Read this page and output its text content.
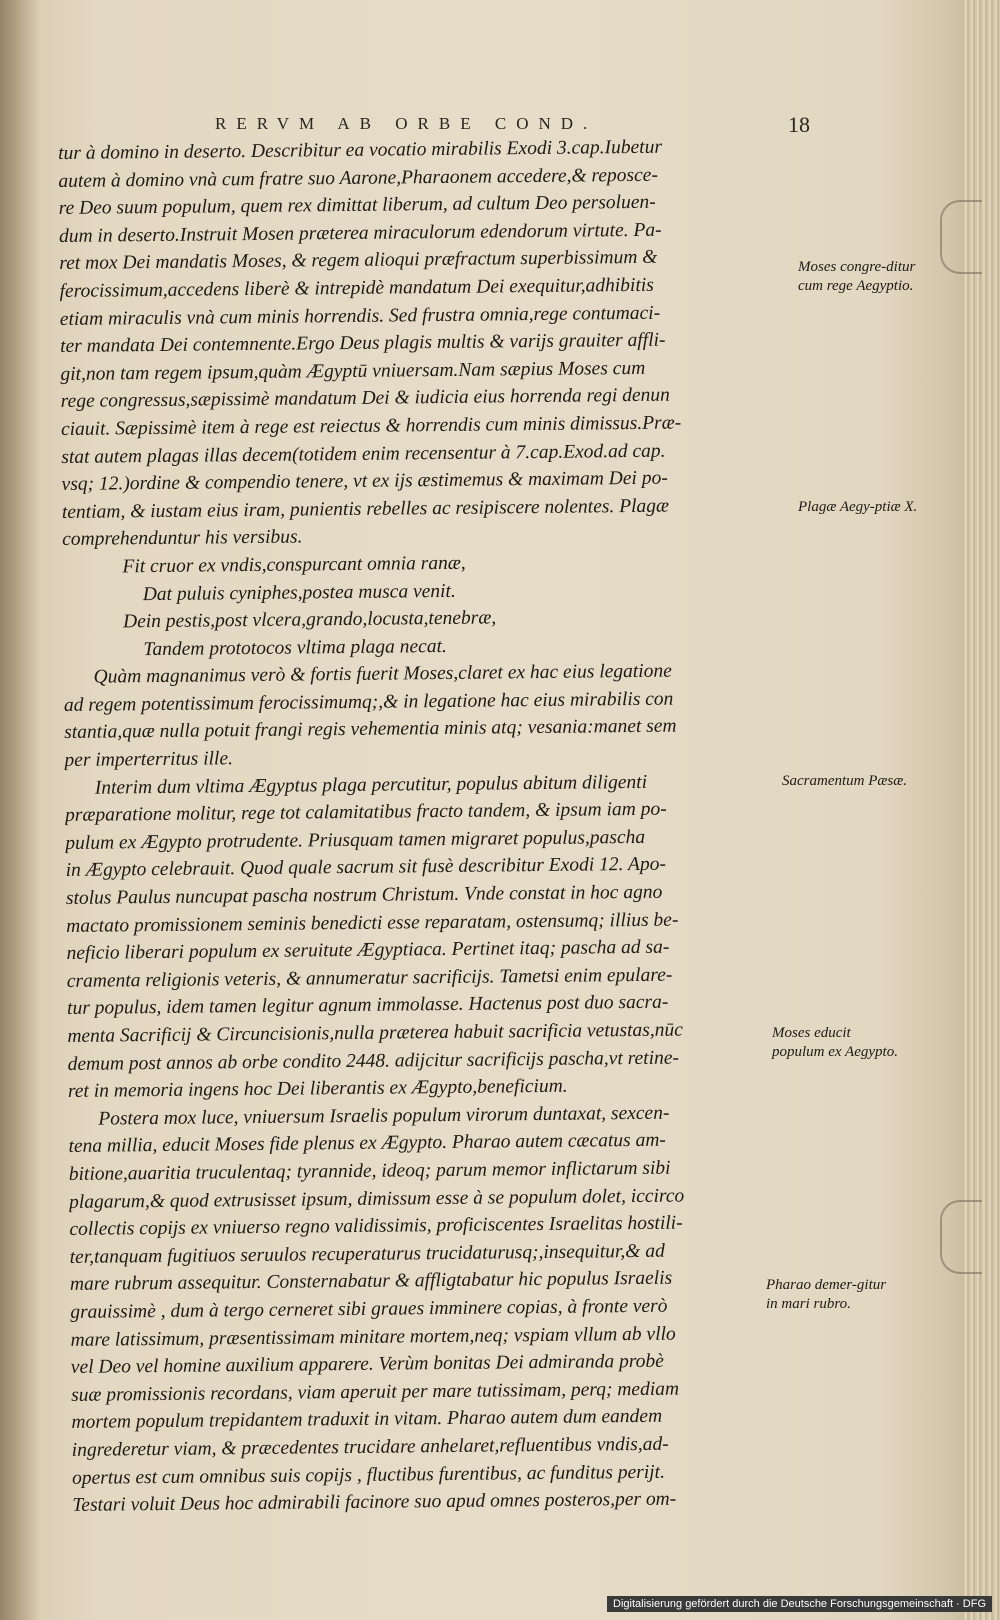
RERVM AB ORBE COND.	18
tur à domino in deserto. Describitur ea vocatio mirabilis Exodi 3.cap.Iubetur
autem à domino vnà cum fratre suo Aarone,Pharaonem accedere,& reposce-
re Deo suum populum, quem rex dimittat liberum, ad cultum Deo persoluen-
dum in deserto.Instruit Mosen præterea miraculorum edendorum virtute. Pa-
ret mox Dei mandatis Moses, & regem alioqui præfractum superbissimum &
ferocissimum,accedens liberè & intrepidè mandatum Dei exequitur,adhibitis
etiam miraculis vnà cum minis horrendis. Sed frustra omnia,rege contumaci-
ter mandata Dei contemnente.Ergo Deus plagis multis & varijs grauiter affli-
git,non tam regem ipsum,quàm Ægyptū vniuersam.Nam sæpius Moses cum
rege congressus,sæpissimè mandatum Dei & iudicia eius horrenda regi denun
ciauit. Sæpissimè item à rege est reiectus & horrendis cum minis dimissus.Præ-
stat autem plagas illas decem(totidem enim recensentur à 7.cap.Exod.ad cap.
vsq; 12.)ordine & compendio tenere, vt ex ijs æstimemus & maximam Dei po-
tentiam, & iustam eius iram, punientis rebelles ac resipiscere nolentes. Plagæ
comprehenduntur his versibus.
Fit cruor ex vndis,conspurcant omnia ranæ,
Dat puluis cyniphes,postea musca venit.
Dein pestis,post vlcera,grando,locusta,tenebræ,
Tandem prototocos vltima plaga necat.
Quàm magnanimus verò & fortis fuerit Moses,claret ex hac eius legatione
ad regem potentissimum ferocissimumq;,& in legatione hac eius mirabilis con
stantia,quæ nulla potuit frangi regis vehementia minis atq; vesania:manet sem
per imperterritus ille.
Interim dum vltima Ægyptus plaga percutitur, populus abitum diligenti
præparatione molitur, rege tot calamitatibus fracto tandem, & ipsum iam po-
pulum ex Ægypto protrudente. Priusquam tamen migraret populus,pascha
in Ægypto celebrauit. Quod quale sacrum sit fusè describitur Exodi 12. Apo-
stolus Paulus nuncupat pascha nostrum Christum. Vnde constat in hoc agno
mactato promissionem seminis benedicti esse reparatam, ostensumq; illius be-
neficio liberari populum ex seruitute Ægyptiaca. Pertinet itaq; pascha ad sa-
cramenta religionis veteris, & annumeratur sacrificijs. Tametsi enim epulare-
tur populus, idem tamen legitur agnum immolasse. Hactenus post duo sacra-
menta Sacrificij & Circuncisionis,nulla præterea habuit sacrificia vetustas,nūc
demum post annos ab orbe condito 2448. adijcitur sacrificijs pascha,vt retine-
ret in memoria ingens hoc Dei liberantis ex Ægypto,beneficium.
Postera mox luce, vniuersum Israelis populum virorum duntaxat, sexcen-
tena millia, educit Moses fide plenus ex Ægypto. Pharao autem cæcatus am-
bitione,auaritia truculentaq; tyrannide, ideoq; parum memor inflictarum sibi
plagarum,& quod extrusisset ipsum, dimissum esse à se populum dolet, iccirco
collectis copijs ex vniuerso regno validissimis, proficiscentes Israelitas hostili-
ter,tanquam fugitiuos seruulos recuperaturus trucidaturusq;,insequitur,& ad
mare rubrum assequitur. Consternabatur & affligtabatur hic populus Israelis
grauissimè , dum à tergo cerneret sibi graues imminere copias, à fronte verò
mare latissimum, præsentissimam minitare mortem,neq; vspiam vllum ab vllo
vel Deo vel homine auxilium apparere. Verùm bonitas Dei admiranda probè
suæ promissionis recordans, viam aperuit per mare tutissimam, perq; mediam
mortem populum trepidantem traduxit in vitam. Pharao autem dum eandem
ingrederetur viam, & præcedentes trucidare anhelaret,refluentibus vndis,ad-
opertus est cum omnibus suis copijs , fluctibus furentibus, ac funditus perijt.
Testari voluit Deus hoc admirabili facinore suo apud omnes posteros,per om-
Moses congre-ditur cum rege Aegyptio.
Plagæ Aegy-ptiæ X.
Sacramentum Pæsæ.
Moses educit populum ex Aegypto.
Pharao demer-gitur in mari rubro.
Digitalisierung gefördert durch die Deutsche Forschungsgemeinschaft · DFG
